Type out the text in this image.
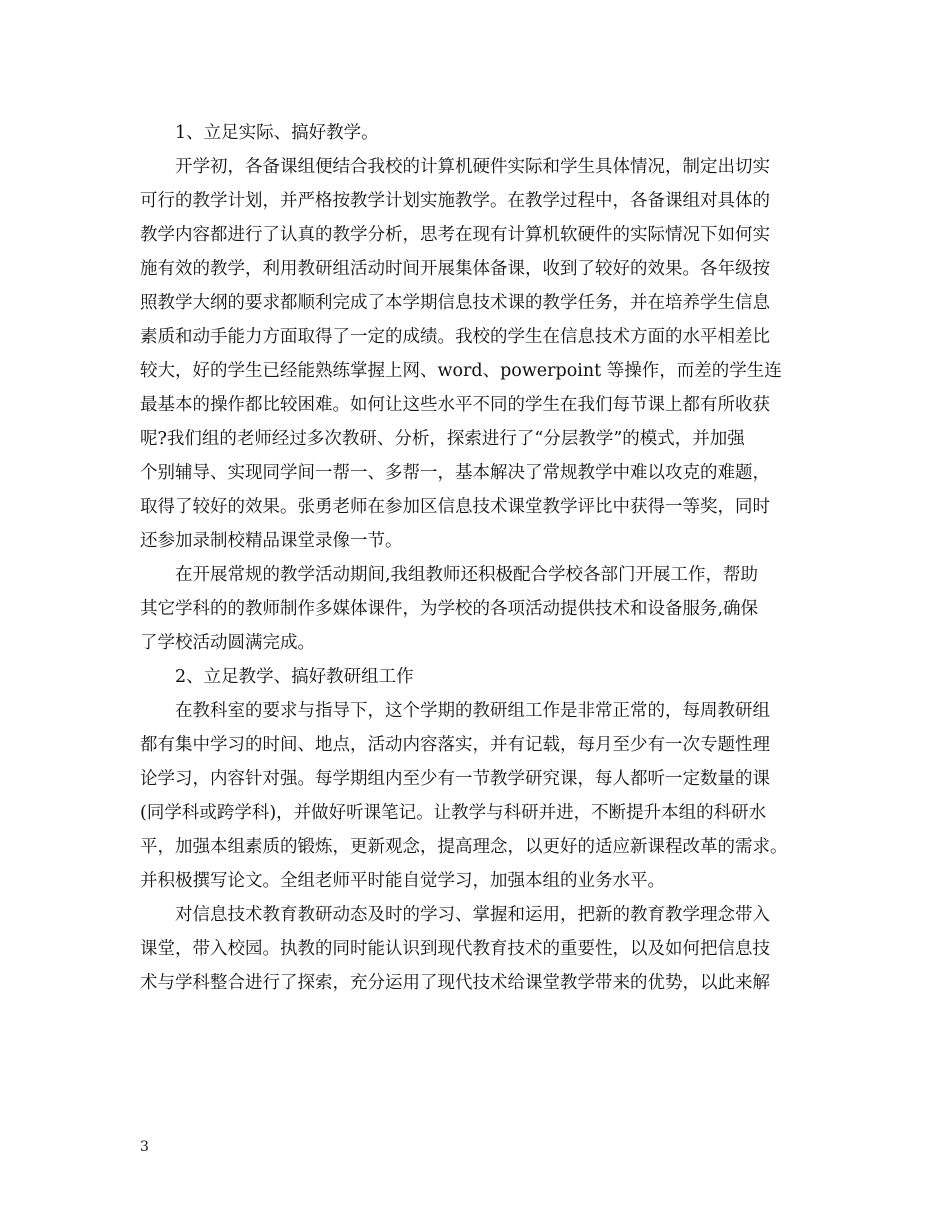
1、立足实际、搞好教学。
开学初，各备课组便结合我校的计算机硬件实际和学生具体情况，制定出切实
可行的教学计划，并严格按教学计划实施教学。在教学过程中，各备课组对具体的
教学内容都进行了认真的教学分析，思考在现有计算机软硬件的实际情况下如何实
施有效的教学，利用教研组活动时间开展集体备课，收到了较好的效果。各年级按
照教学大纲的要求都顺利完成了本学期信息技术课的教学任务，并在培养学生信息
素质和动手能力方面取得了一定的成绩。我校的学生在信息技术方面的水平相差比
较大，好的学生已经能熟练掌握上网、word、powerpoint 等操作，而差的学生连
最基本的操作都比较困难。如何让这些水平不同的学生在我们每节课上都有所收获
呢?我们组的老师经过多次教研、分析，探索进行了“分层教学”的模式，并加强
个别辅导、实现同学间一帮一、多帮一，基本解决了常规教学中难以攻克的难题，
取得了较好的效果。张勇老师在参加区信息技术课堂教学评比中获得一等奖，同时
还参加录制校精品课堂录像一节。
在开展常规的教学活动期间,我组教师还积极配合学校各部门开展工作，帮助
其它学科的的教师制作多媒体课件，为学校的各项活动提供技术和设备服务,确保
了学校活动圆满完成。
2、立足教学、搞好教研组工作
在教科室的要求与指导下，这个学期的教研组工作是非常正常的，每周教研组
都有集中学习的时间、地点，活动内容落实，并有记载，每月至少有一次专题性理
论学习，内容针对强。每学期组内至少有一节教学研究课，每人都听一定数量的课
(同学科或跨学科)，并做好听课笔记。让教学与科研并进，不断提升本组的科研水
平，加强本组素质的锻炼，更新观念，提高理念，以更好的适应新课程改革的需求。
并积极撰写论文。全组老师平时能自觉学习，加强本组的业务水平。
对信息技术教育教研动态及时的学习、掌握和运用，把新的教育教学理念带入
课堂，带入校园。执教的同时能认识到现代教育技术的重要性，以及如何把信息技
术与学科整合进行了探索，充分运用了现代技术给课堂教学带来的优势，以此来解
3
